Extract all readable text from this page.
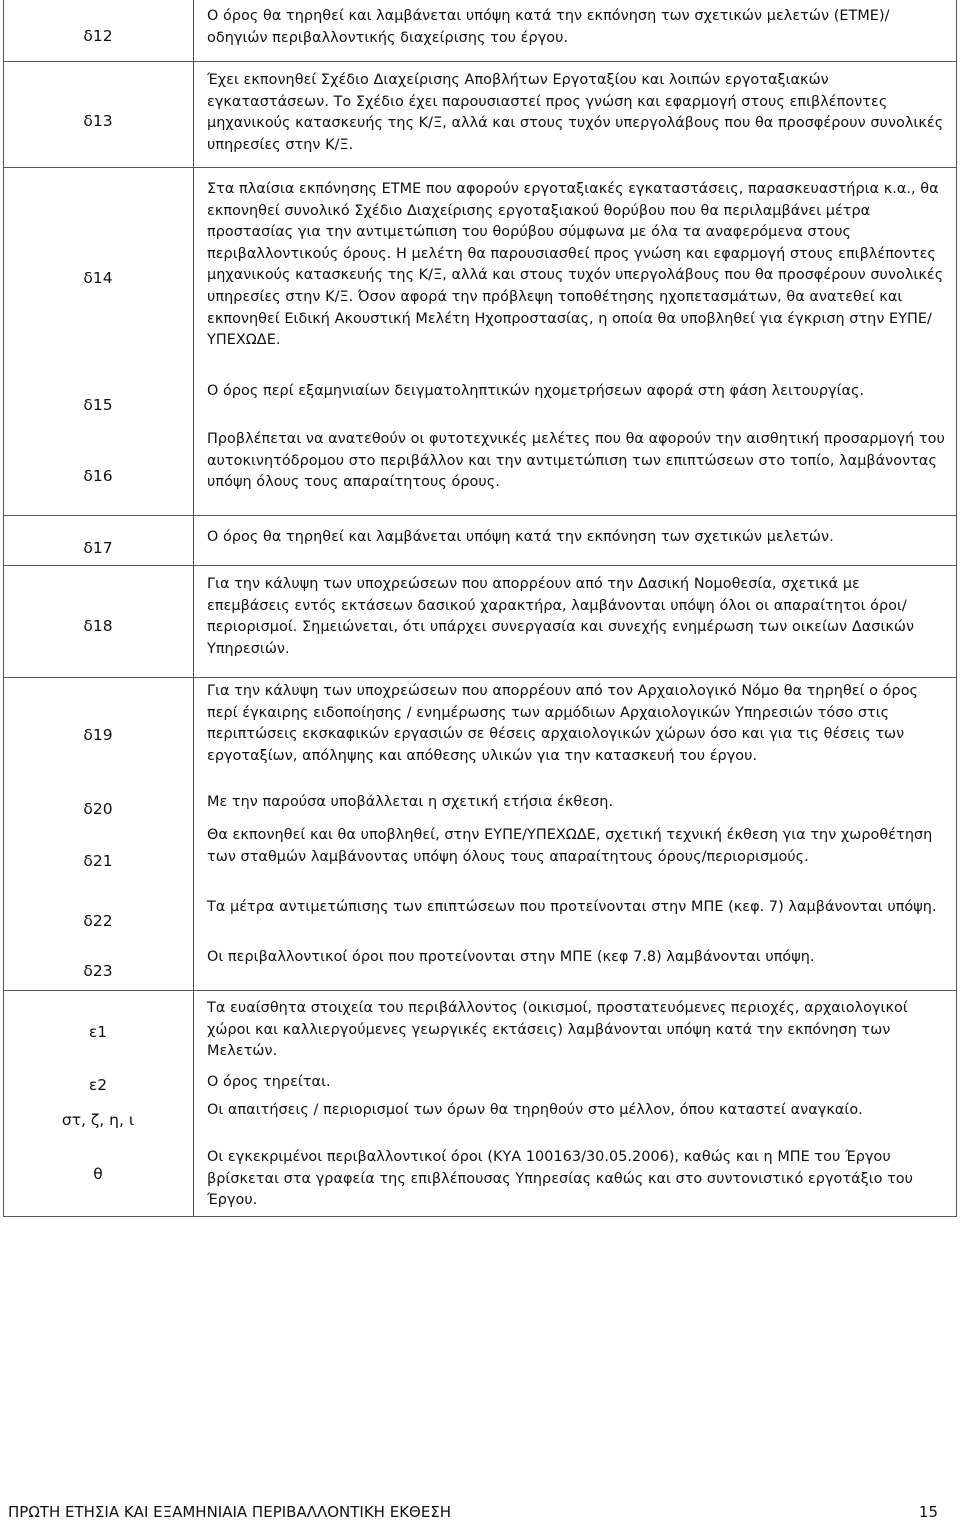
δ12
δ13
δ14
δ15
δ16
δ17
δ18
δ19
δ20
δ21
δ22
δ23
ε1
ε2
στ, ζ, η, ι
θ
Ο όρος θα τηρηθεί και λαμβάνεται υπόψη κατά την εκπόνηση των σχετικών μελετών (ΕΤΜΕ)/οδηγιών περιβαλλοντικής διαχείρισης του έργου.
Έχει εκπονηθεί Σχέδιο Διαχείρισης Αποβλήτων Εργοταξίου και λοιπών εργοταξιακών εγκαταστάσεων. Το Σχέδιο έχει παρουσιαστεί προς γνώση και εφαρμογή στους επιβλέποντες μηχανικούς κατασκευής της Κ/Ξ, αλλά και στους τυχόν υπεργολάβους που θα προσφέρουν συνολικές υπηρεσίες στην Κ/Ξ.
Στα πλαίσια εκπόνησης ΕΤΜΕ που αφορούν εργοταξιακές εγκαταστάσεις, παρασκευαστήρια κ.α., θα εκπονηθεί συνολικό Σχέδιο Διαχείρισης εργοταξιακού θορύβου που θα περιλαμβάνει μέτρα προστασίας για την αντιμετώπιση του θορύβου σύμφωνα με όλα τα αναφερόμενα στους περιβαλλοντικούς όρους. Η μελέτη θα παρουσιασθεί προς γνώση και εφαρμογή στους επιβλέποντες μηχανικούς κατασκευής της Κ/Ξ, αλλά και στους τυχόν υπεργολάβους που θα προσφέρουν συνολικές υπηρεσίες στην Κ/Ξ. Όσον αφορά την πρόβλεψη τοποθέτησης ηχοπετασμάτων, θα ανατεθεί και εκπονηθεί Ειδική Ακουστική Μελέτη Ηχοπροστασίας, η οποία θα υποβληθεί για έγκριση στην ΕΥΠΕ/ΥΠΕΧΩΔΕ.
Ο όρος περί εξαμηνιαίων δειγματοληπτικών ηχομετρήσεων αφορά στη φάση λειτουργίας.
Προβλέπεται να ανατεθούν οι φυτοτεχνικές μελέτες που θα αφορούν την αισθητική προσαρμογή του αυτοκινητόδρομου στο περιβάλλον και την αντιμετώπιση των επιπτώσεων στο τοπίο, λαμβάνοντας υπόψη όλους τους απαραίτητους όρους.
Ο όρος θα τηρηθεί και λαμβάνεται υπόψη κατά την εκπόνηση των σχετικών μελετών.
Για την κάλυψη των υποχρεώσεων που απορρέουν από την Δασική Νομοθεσία, σχετικά με επεμβάσεις εντός εκτάσεων δασικού χαρακτήρα, λαμβάνονται υπόψη όλοι οι απαραίτητοι όροι/περιορισμοί. Σημειώνεται, ότι υπάρχει συνεργασία και συνεχής ενημέρωση των οικείων Δασικών Υπηρεσιών.
Για την κάλυψη των υποχρεώσεων που απορρέουν από τον Αρχαιολογικό Νόμο θα τηρηθεί ο όρος περί έγκαιρης ειδοποίησης / ενημέρωσης των αρμόδιων Αρχαιολογικών Υπηρεσιών τόσο στις περιπτώσεις εκσκαφικών εργασιών σε θέσεις αρχαιολογικών χώρων όσο και για τις θέσεις των εργοταξίων, απόληψης και απόθεσης υλικών για την κατασκευή του έργου.
Με την παρούσα υποβάλλεται η σχετική ετήσια έκθεση.
Θα εκπονηθεί και θα υποβληθεί, στην ΕΥΠΕ/ΥΠΕΧΩΔΕ, σχετική τεχνική έκθεση για την χωροθέτηση των σταθμών λαμβάνοντας υπόψη όλους τους απαραίτητους όρους/περιορισμούς.
Τα μέτρα αντιμετώπισης των επιπτώσεων που προτείνονται στην ΜΠΕ (κεφ. 7) λαμβάνονται υπόψη.
Οι περιβαλλοντικοί όροι που προτείνονται στην ΜΠΕ (κεφ 7.8) λαμβάνονται υπόψη.
Τα ευαίσθητα στοιχεία του περιβάλλοντος (οικισμοί, προστατευόμενες περιοχές, αρχαιολογικοί χώροι και καλλιεργούμενες γεωργικές εκτάσεις) λαμβάνονται υπόψη κατά την εκπόνηση των Μελετών.
Ο όρος τηρείται.
Οι απαιτήσεις / περιορισμοί των όρων θα τηρηθούν στο μέλλον, όπου καταστεί αναγκαίο.
Οι εγκεκριμένοι περιβαλλοντικοί όροι (ΚΥΑ 100163/30.05.2006), καθώς και η ΜΠΕ του Έργου βρίσκεται στα γραφεία της επιβλέπουσας Υπηρεσίας καθώς και στο συντονιστικό εργοτάξιο του Έργου.
ΠΡΩΤΗ ΕΤΗΣΙΑ ΚΑΙ ΕΞΑΜΗΝΙΑΙΑ ΠΕΡΙΒΑΛΛΟΝΤΙΚΗ ΕΚΘΕΣΗ	15
